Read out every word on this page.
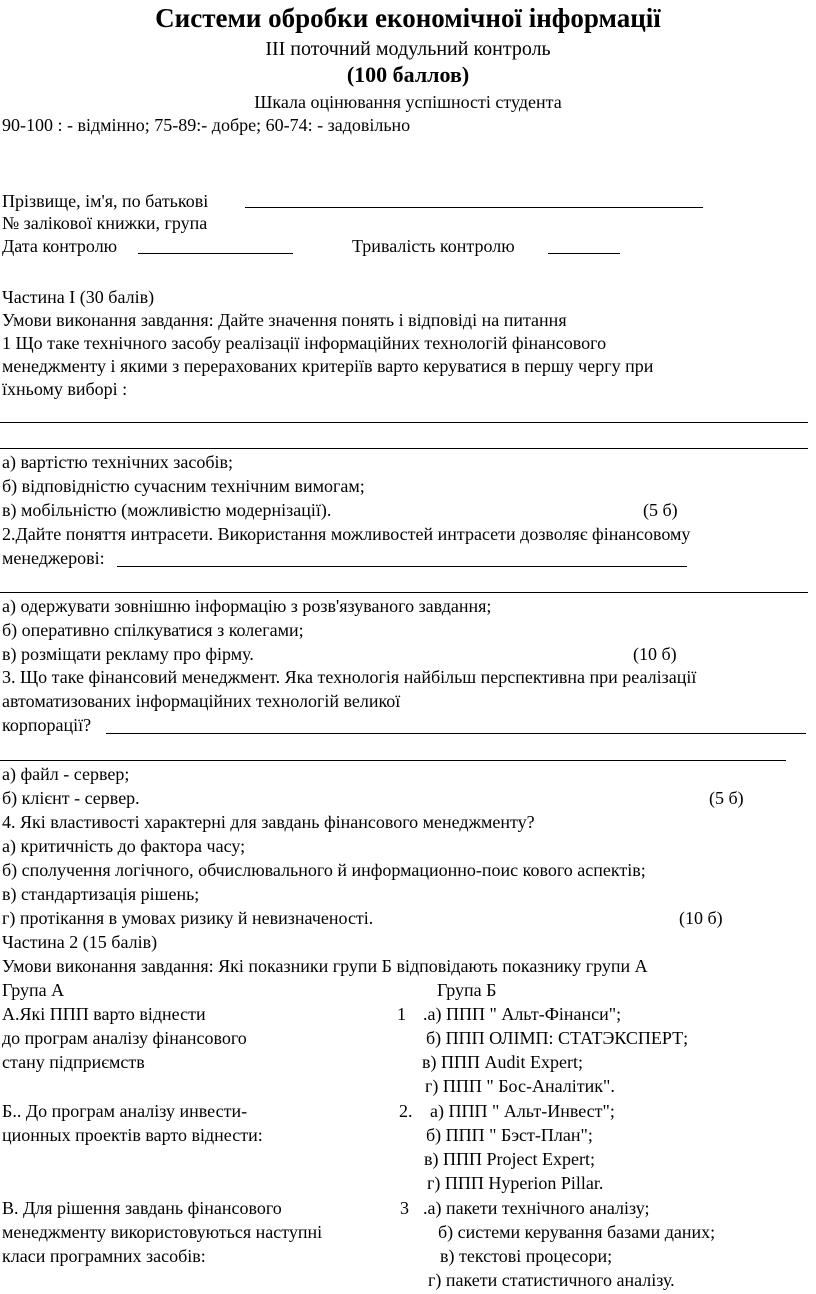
Системи обробки економічної інформації
ІІІ поточний модульний контроль
(100 баллов)
Шкала оцінювання успішності студента
90-100 : - відмінно; 75-89:- добре; 60-74: - задовільно
Прізвище, ім'я, по батькові
№ залікової книжки, група
Дата контролю	Тривалість контролю
Частина І (30 балів)
Умови виконання завдання: Дайте значення понять і відповіді на питання
1 Що таке технічного засобу реалізації інформаційних технологій фінансового
менеджменту і якими з перерахованих критеріїв варто керуватися в першу чергу при
їхньому виборі :
а) вартістю технічних засобів;
б) відповідністю сучасним технічним вимогам;
в) мобільністю (можливістю модернізації).	(5 б)
2.Дайте поняття интрасети. Використання можливостей интрасети дозволяє фінансовому
менеджерові:
а) одержувати зовнішню інформацію з розв'язуваного завдання;
б) оперативно спілкуватися з колегами;
в) розміщати рекламу про фірму.	(10 б)
3. Що таке фінансовий менеджмент. Яка технологія найбільш перспективна при реалізації
автоматизованих інформаційних технологій великої
корпорації?
а) файл - сервер;
б) клієнт - сервер.	(5 б)
4. Які властивості характерні для завдань фінансового менеджменту?
а) критичність до фактора часу;
б) сполучення логічного, обчислювального й информационно-поис кового аспектів;
в) стандартизація рішень;
г) протікання в умовах ризику й невизначеності.	(10 б)
Частина 2 (15 балів)
Умови виконання завдання: Які показники групи Б відповідають показнику групи А
Група А	Група Б
А.Які ППП варто віднести
до програм аналізу фінансового
стану підприємств
1 .а) ППП " Альт-Фінанси";
б) ППП ОЛІМП: СТАТЭКСПЕРТ;
в) ППП Audit Expert;
г) ППП " Бос-Аналітик".
Б.. До програм аналізу инвести-
ционных проектів варто віднести:
2. а) ППП " Альт-Инвест";
б) ППП " Бэст-План";
в) ППП Project Expert;
г) ППП Hyperion Pillar.
В. Для рішення завдань фінансового
менеджменту використовуються наступні
класи програмних засобів:
3 .а) пакети технічного аналізу;
б) системи керування базами даних;
в) текстові процесори;
г) пакети статистичного аналізу.
